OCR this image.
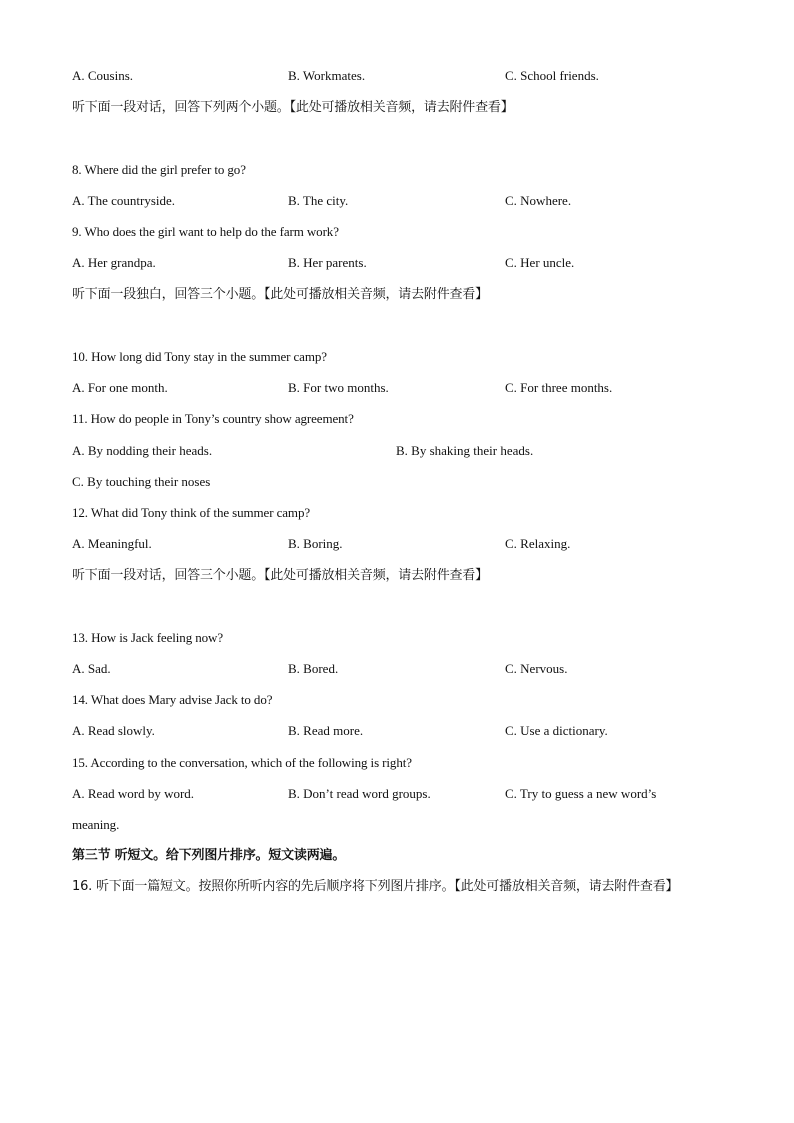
A. Cousins.	B. Workmates.	C. School friends.
听下面一段对话，回答下列两个小题。【此处可播放相关音频，请去附件查看】
8. Where did the girl prefer to go?
A. The countryside.	B. The city.	C. Nowhere.
9. Who does the girl want to help do the farm work?
A. Her grandpa.	B. Her parents.	C. Her uncle.
听下面一段独白，回答三个小题。【此处可播放相关音频，请去附件查看】
10. How long did Tony stay in the summer camp?
A. For one month.	B. For two months.	C. For three months.
11. How do people in Tony’s country show agreement?
A. By nodding their heads.	B. By shaking their heads.
C. By touching their noses
12. What did Tony think of the summer camp?
A. Meaningful.	B. Boring.	C. Relaxing.
听下面一段对话，回答三个小题。【此处可播放相关音频，请去附件查看】
13. How is Jack feeling now?
A. Sad.	B. Bored.	C. Nervous.
14. What does Mary advise Jack to do?
A. Read slowly.	B. Read more.	C. Use a dictionary.
15. According to the conversation, which of the following is right?
A. Read word by word.	B. Don’t read word groups.	C. Try to guess a new word’s
meaning.
第三节 听短文。给下列图片排序。短文读两遍。
16. 听下面一篇短文。按照你所听内容的先后顺序将下列图片排序。【此处可播放相关音频，请去附件查看】
